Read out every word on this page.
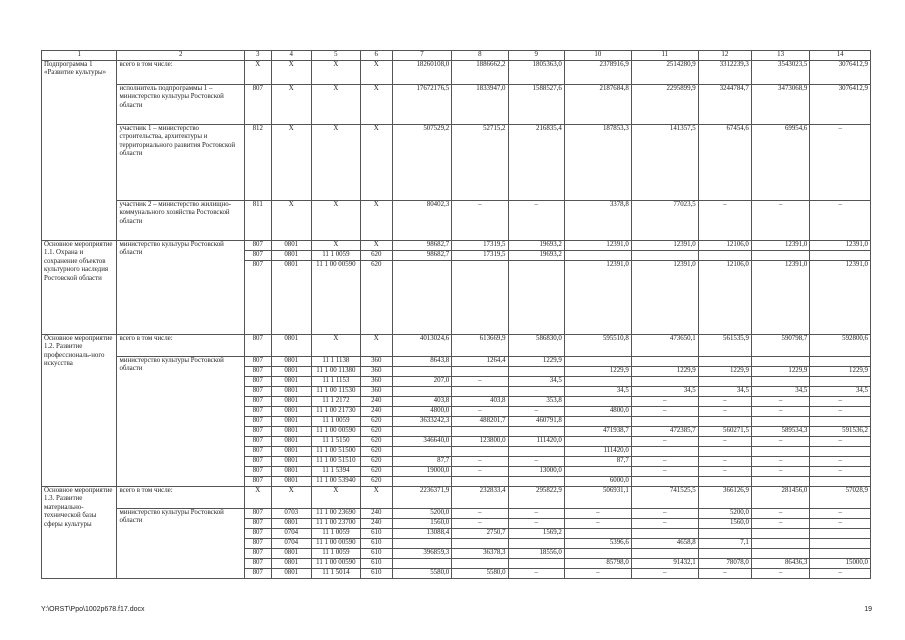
1	2	3	4	5	6	7	8	9	10	11	12	13	14
Подпрограмма 1 «Развитие культуры»	всего в том числе:	X	X	X	X	18260108,0	1886662,2	1805363,0	2378916,9	2514280,9	3312239,3	3543023,5	3076412,9
	исполнитель подпрограммы 1 – министерство культуры Ростовской области	807	X	X	X	17672176,5	1833947,0	1588527,6	2187684,8	2295899,9	3244784,7	3473068,9	3076412,9
	участник 1 – министерство строительства, архитектуры и территориального развития Ростовской области	812	X	X	X	507529,2	52715,2	216835,4	187853,3	141357,5	67454,6	69954,6	–
	участник 2 – министерство жилищно-коммунального хозяйства Ростовской области	811	X	X	X	80402,3	–	–	3378,8	77023,5	–	–	–
Основное мероприятие 1.1. Охрана и сохранение объектов культурного наследия Ростовской области	министерство культуры Ростовской области	807	0801	X	X	98682,7	17319,5	19693,2	12391,0	12391,0	12106,0	12391,0	12391,0
		807	0801	11 1 0059	620	98682,7	17319,5	19693,2					
		807	0801	11 1 00 00590	620				12391,0	12391,0	12106,0	12391,0	12391,0
Основное мероприятие 1.2. Развитие профессиональ-ного искусства	всего в том числе:	807	0801	X	X	4013024,6	613669,9	586830,0	595510,8	473650,1	561535,9	590798,7	592800,6
	министерство культуры Ростовской области	807	0801	11 1 1138	360	8643,8	1264,4	1229,9					
		807	0801	11 1 00 11380	360				1229,9	1229,9	1229,9	1229,9	1229,9
		807	0801	11 1 1153	360	207,0	–	34,5					
		807	0801	11 1 00 11530	360				34,5	34,5	34,5	34,5	34,5
		807	0801	11 1 2172	240	403,8	403,8	353,8		–	–	–	–
		807	0801	11 1 00 21730	240	4800,0	–	–	4800,0	–	–	–	–
		807	0801	11 1 0059	620	3633242,3	488201,7	460791,8					
		807	0801	11 1 00 00590	620				471938,7	472385,7	560271,5	589534,3	591536,2
		807	0801	11 1 5150	620	346640,0	123800,0	111420,0		–	–	–	–
		807	0801	11 1 00 51500	620				111420,0				
		807	0801	11 1 00 51510	620	87,7	–	–	87,7	–	–	–	–
		807	0801	11 1 5394	620	19000,0	–	13000,0		–	–	–	–
		807	0801	11 1 00 53940	620				6000,0				
Основное мероприятие 1.3. Развитие материально-технической базы сферы культуры	всего в том числе:	X	X	X	X	2236371,9	232833,4	295822,9	506931,1	741525,5	366126,9	281456,0	57028,9
	министерство культуры Ростовской области	807	0703	11 1 00 23690	240	5200,0	–	–	–	–	5200,0	–	–
		807	0801	11 1 00 23700	240	1560,0	–	–	–	–	1560,0	–	–
		807	0704	11 1 0059	610	13088,4	2750,7	1569,2					
		807	0704	11 1 00 00590	610				5396,6	4658,8	7,1		
		807	0801	11 1 0059	610	396859,3	36378,3	18556,0					
		807	0801	11 1 00 00590	610				85798,0	91432,1	78078,0	86436,3	15000,0
		807	0801	11 1 5014	610	5580,0	5580,0	–	–	–	–	–	–
Y:\ORST\Ppo\1002p678.f17.docx	19
